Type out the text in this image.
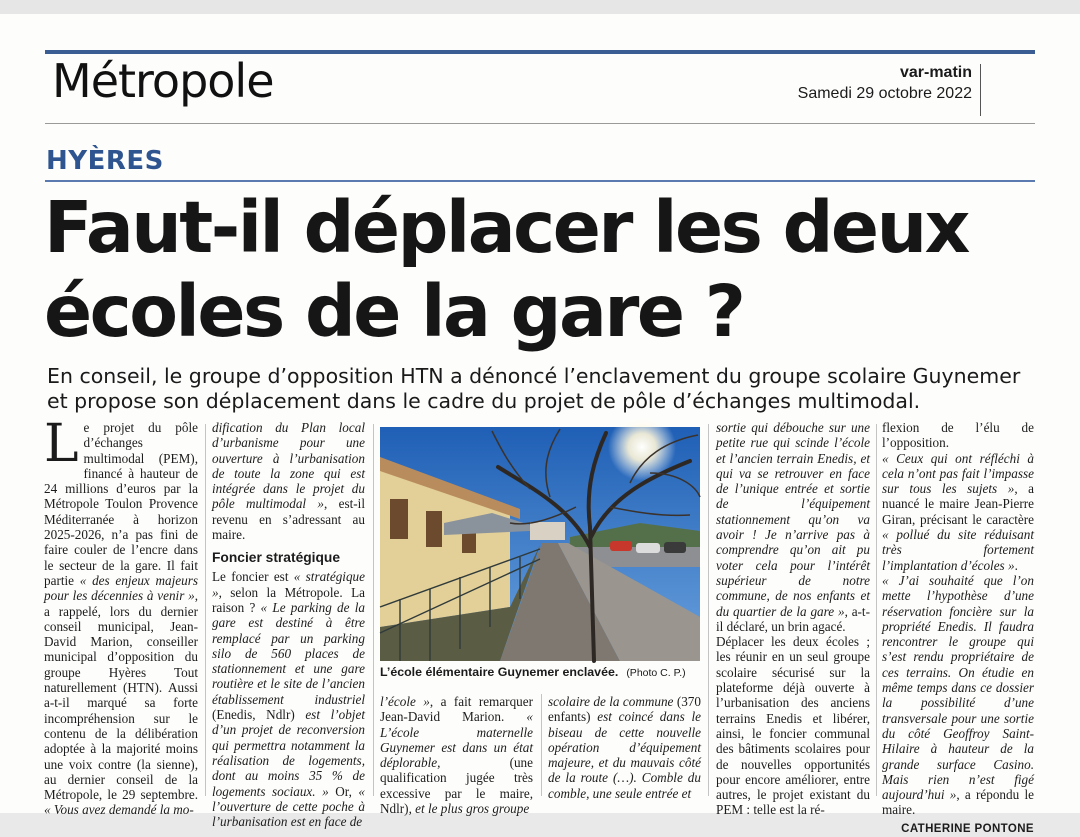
Métropole	var-matin
Samedi 29 octobre 2022
HYÈRES
Faut-il déplacer les deux écoles de la gare ?

En conseil, le groupe d’opposition HTN a dénoncé l’enclavement du groupe scolaire Guynemer et propose son déplacement dans le cadre du projet de pôle d’échanges multimodal.

Le projet du pôle d’échanges multimodal (PEM), financé à hauteur de 24 millions d’euros par la Métropole Toulon Provence Méditerranée à horizon 2025-2026, n’a pas fini de faire couler de l’encre dans le secteur de la gare. Il fait partie « des enjeux majeurs pour les décennies à venir », a rappelé, lors du dernier conseil municipal, Jean-David Marion, conseiller municipal d’opposition du groupe Hyères Tout naturellement (HTN). Aussi a-t-il marqué sa forte incompréhension sur le contenu de la délibération adoptée à la majorité moins une voix contre (la sienne), au dernier conseil de la Métropole, le 29 septembre. « Vous avez demandé la mo-

dification du Plan local d’urbanisme pour une ouverture à l’urbanisation de toute la zone qui est intégrée dans le projet du pôle multimodal », est-il revenu en s’adressant au maire.

Foncier stratégique

Le foncier est « stratégique », selon la Métropole. La raison ? « Le parking de la gare est destiné à être remplacé par un parking silo de 560 places de stationnement et une gare routière et le site de l’ancien établissement industriel (Enedis, Ndlr) est l’objet d’un projet de reconversion qui permettra notamment la réalisation de logements, dont au moins 35 % de logements sociaux. » Or, « l’ouverture de cette poche à l’urbanisation est en face de

L’école élémentaire Guynemer enclavée. (Photo C. P.)

l’école », a fait remarquer Jean-David Marion. « L’école maternelle Guynemer est dans un état déplorable, (une qualification jugée très excessive par le maire, Ndlr), et le plus gros groupe

scolaire de la commune (370 enfants) est coincé dans le biseau de cette nouvelle opération d’équipement majeure, et du mauvais côté de la route (…). Comble du comble, une seule entrée et

sortie qui débouche sur une petite rue qui scinde l’école et l’ancien terrain Enedis, et qui va se retrouver en face de l’unique entrée et sortie de l’équipement stationnement qu’on va avoir ! Je n’arrive pas à comprendre qu’on ait pu voter cela pour l’intérêt supérieur de notre commune, de nos enfants et du quartier de la gare », a-t-il déclaré, un brin agacé.

Déplacer les deux écoles ; les réunir en un seul groupe scolaire sécurisé sur la plateforme déjà ouverte à l’urbanisation des anciens terrains Enedis et libérer, ainsi, le foncier communal des bâtiments scolaires pour de nouvelles opportunités pour encore améliorer, entre autres, le projet existant du PEM : telle est la ré-

flexion de l’élu de l’opposition.

« Ceux qui ont réfléchi à cela n’ont pas fait l’impasse sur tous les sujets », a nuancé le maire Jean-Pierre Giran, précisant le caractère « pollué du site réduisant très fortement l’implantation d’écoles ».

« J’ai souhaité que l’on mette l’hypothèse d’une réservation foncière sur la propriété Enedis. Il faudra rencontrer le groupe qui s’est rendu propriétaire de ces terrains. On étudie en même temps dans ce dossier la possibilité d’une transversale pour une sortie du côté Geoffroy Saint-Hilaire à hauteur de la grande surface Casino. Mais rien n’est figé aujourd’hui », a répondu le maire.

CATHERINE PONTONE
